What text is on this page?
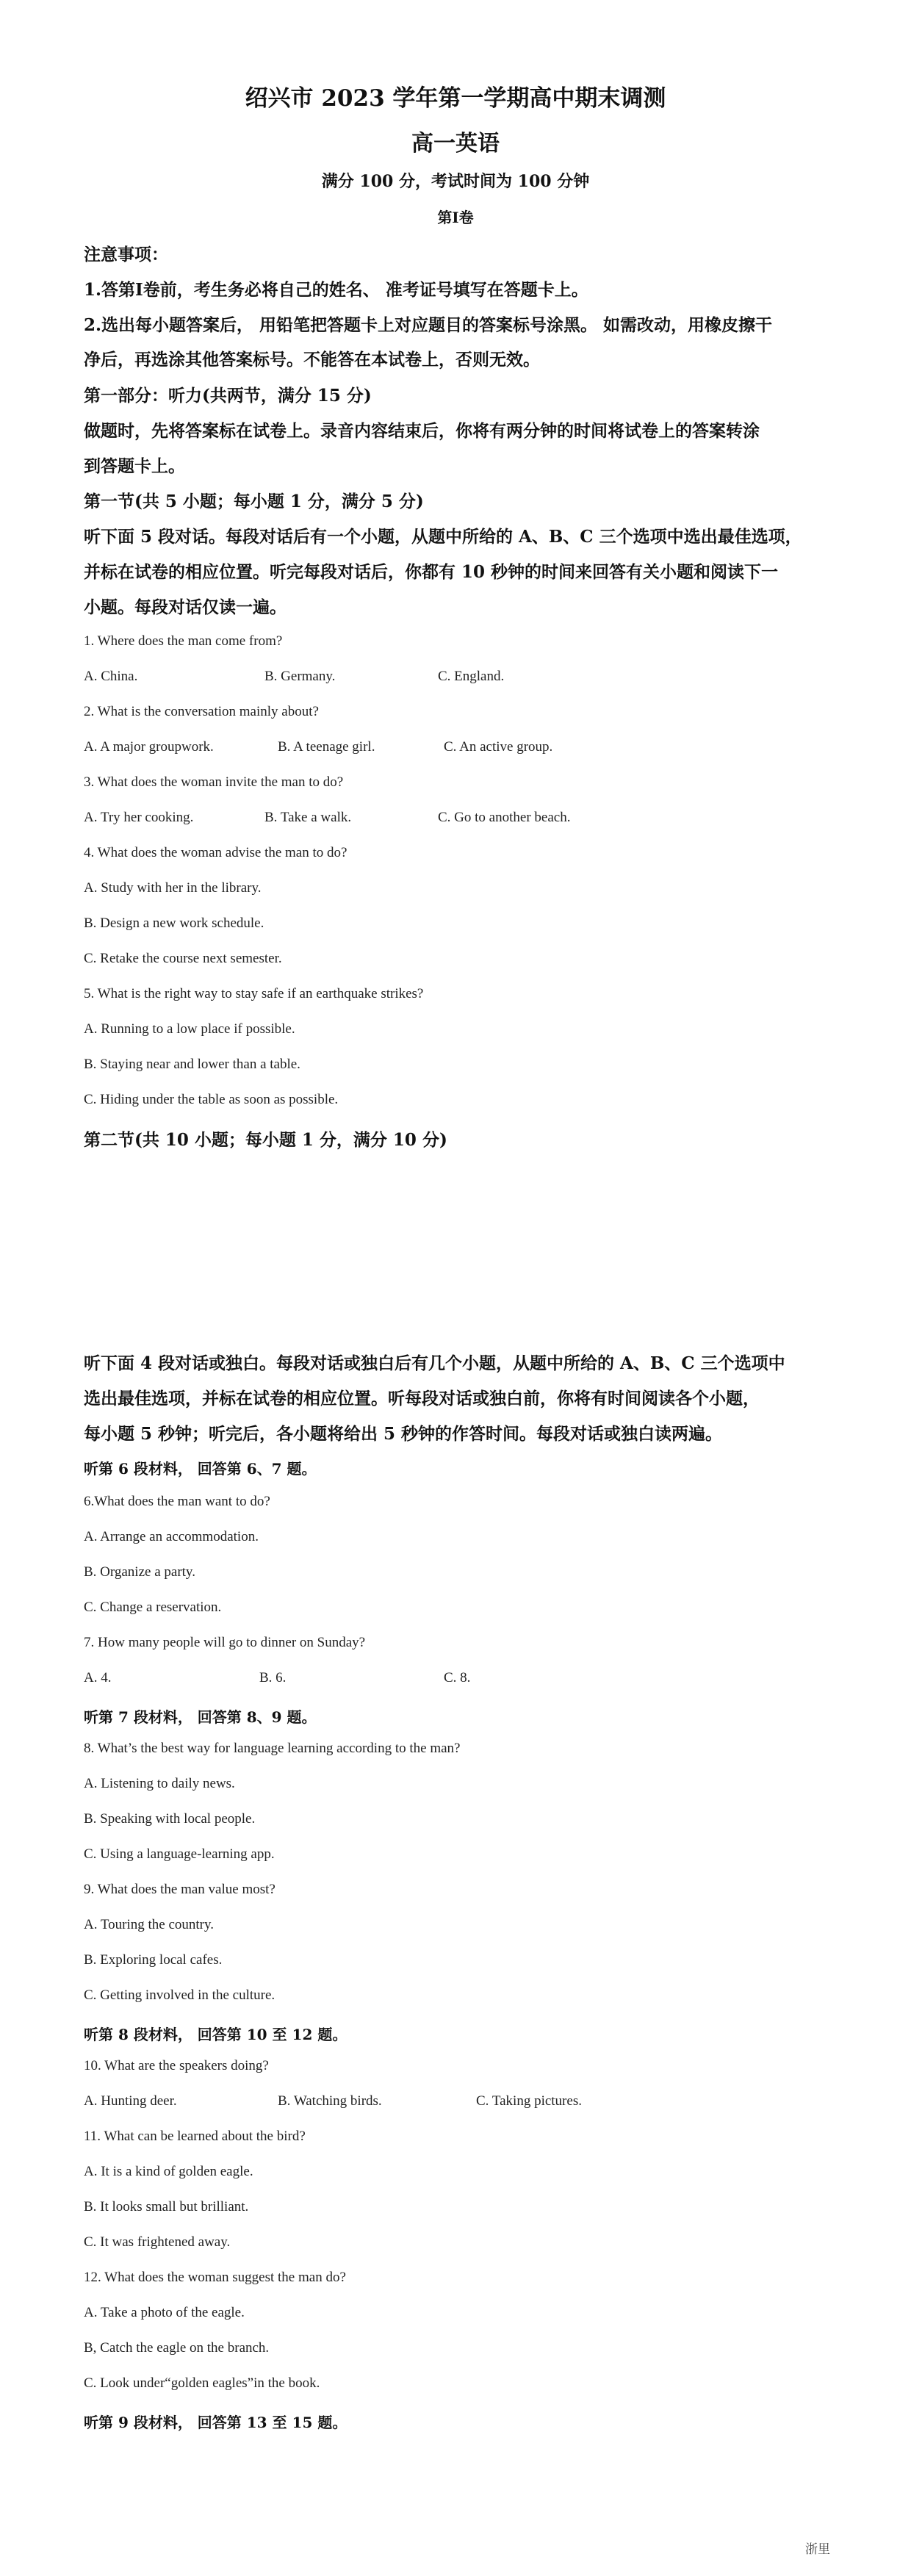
绍兴市 2023 学年第一学期高中期末调测
高一英语
满分 100 分，考试时间为 100 分钟
第Ⅰ卷
注意事项：
1.答第Ⅰ卷前，考生务必将自己的姓名、 准考证号填写在答题卡上。
2.选出每小题答案后， 用铅笔把答题卡上对应题目的答案标号涂黑。 如需改动，用橡皮擦干
净后，再选涂其他答案标号。不能答在本试卷上，否则无效。
第一部分：听力(共两节，满分 15 分)
做题时，先将答案标在试卷上。录音内容结束后，你将有两分钟的时间将试卷上的答案转涂
到答题卡上。
第一节(共 5 小题；每小题 1 分，满分 5 分)
听下面 5 段对话。每段对话后有一个小题，从题中所给的 A、B、C 三个选项中选出最佳选项，
并标在试卷的相应位置。听完每段对话后，你都有 10 秒钟的时间来回答有关小题和阅读下一
小题。每段对话仅读一遍。
1. Where does the man come from?
A. China.	B. Germany.	C. England.
2. What is the conversation mainly about?
A. A major groupwork.	B. A teenage girl.	C. An active group.
3. What does the woman invite the man to do?
A. Try her cooking.	B. Take a walk.	C. Go to another beach.
4. What does the woman advise the man to do?
A. Study with her in the library.
B. Design a new work schedule.
C. Retake the course next semester.
5. What is the right way to stay safe if an earthquake strikes?
A. Running to a low place if possible.
B. Staying near and lower than a table.
C. Hiding under the table as soon as possible.
第二节(共 10 小题；每小题 1 分，满分 10 分)
听下面 4 段对话或独白。每段对话或独白后有几个小题，从题中所给的 A、B、C 三个选项中
选出最佳选项，并标在试卷的相应位置。听每段对话或独白前，你将有时间阅读各个小题，
每小题 5 秒钟；听完后，各小题将给出 5 秒钟的作答时间。每段对话或独白读两遍。
听第 6 段材料， 回答第 6、7 题。
6.What does the man want to do?
A. Arrange an accommodation.
B. Organize a party.
C. Change a reservation.
7. How many people will go to dinner on Sunday?
A. 4.	B. 6.	C. 8.
听第 7 段材料， 回答第 8、9 题。
8. What’s the best way for language learning according to the man?
A. Listening to daily news.
B. Speaking with local people.
C. Using a language-learning app.
9. What does the man value most?
A. Touring the country.
B. Exploring local cafes.
C. Getting involved in the culture.
听第 8 段材料， 回答第 10 至 12 题。
10. What are the speakers doing?
A. Hunting deer.	B. Watching birds.	C. Taking pictures.
11. What can be learned about the bird?
A. It is a kind of golden eagle.
B. It looks small but brilliant.
C. It was frightened away.
12. What does the woman suggest the man do?
A. Take a photo of the eagle.
B, Catch the eagle on the branch.
C. Look under“golden eagles”in the book.
听第 9 段材料， 回答第 13 至 15 题。
浙里
